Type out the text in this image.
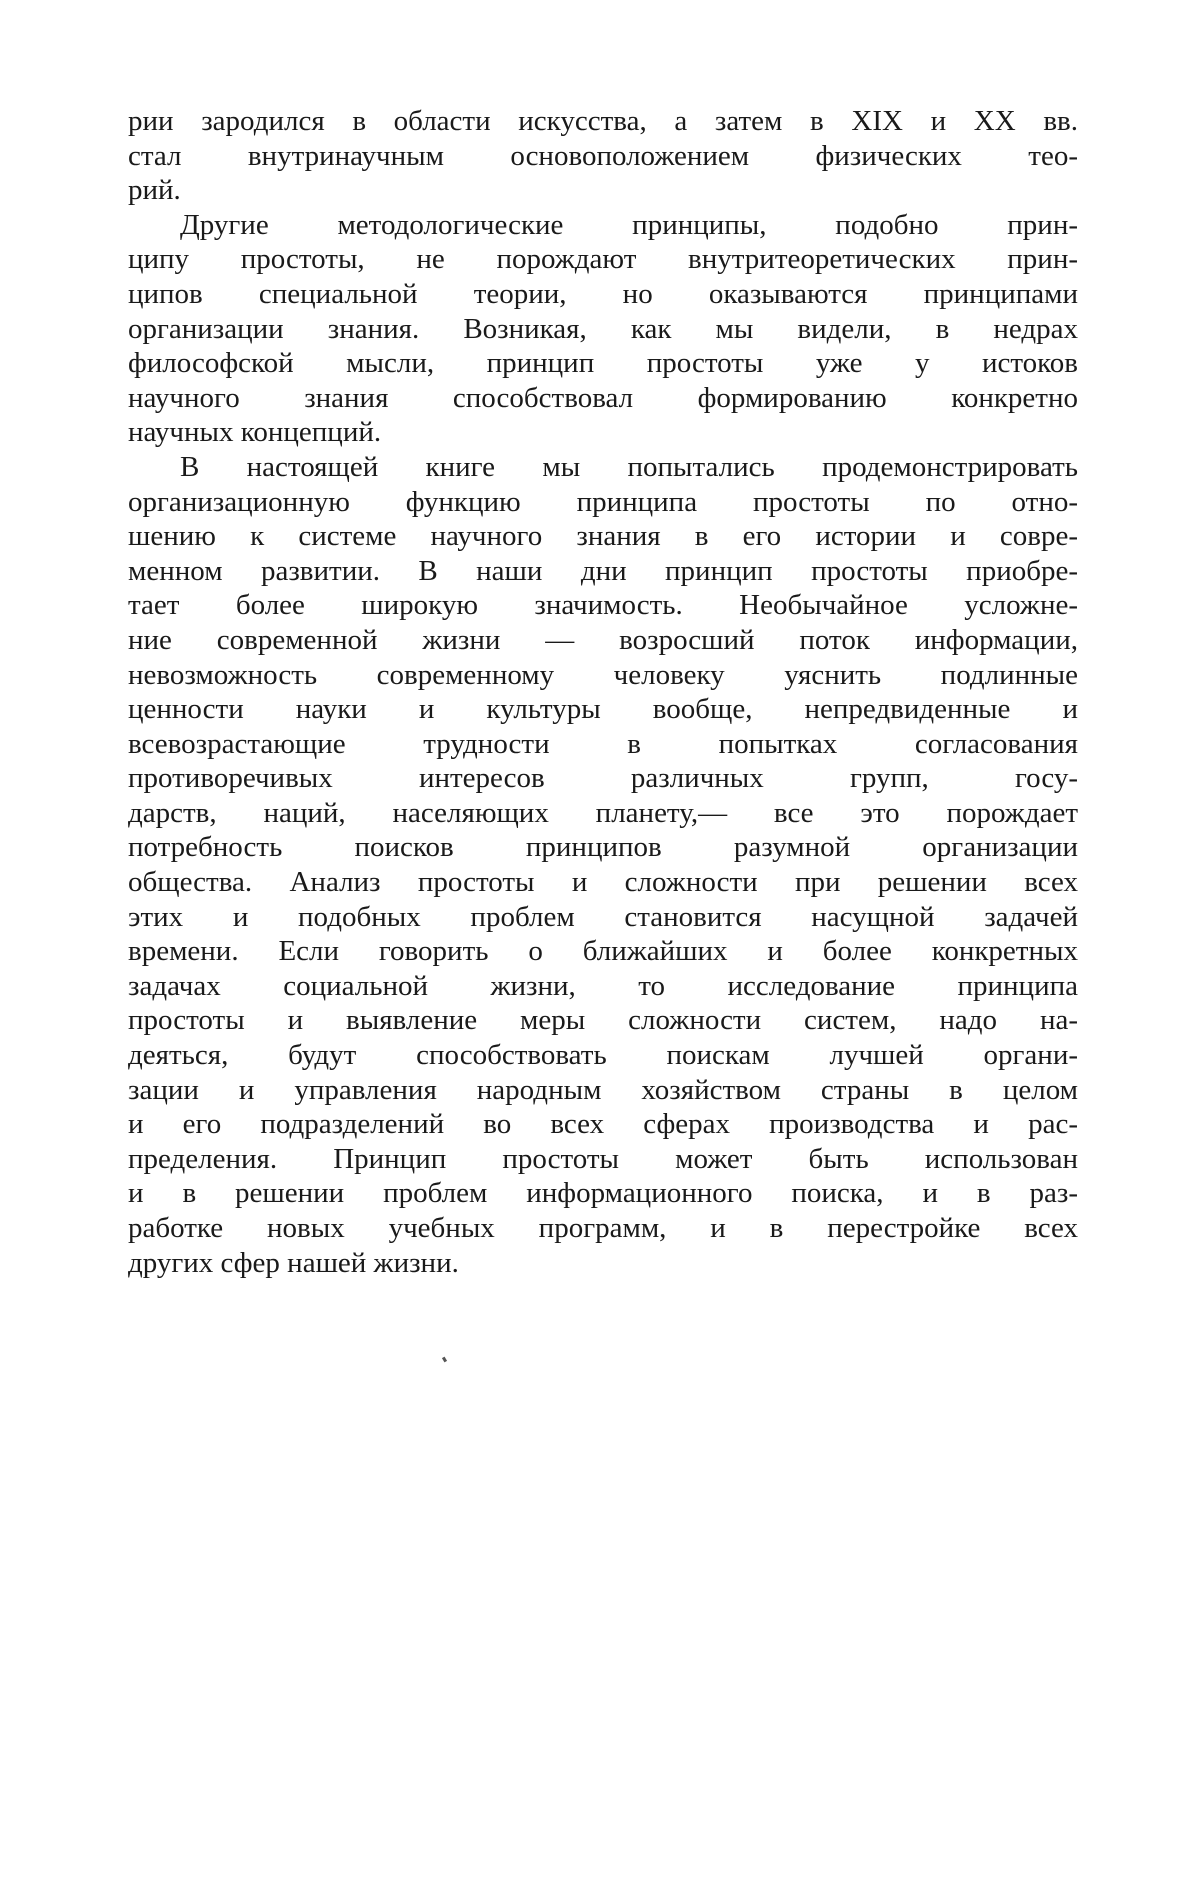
рии зародился в области искусства, а затем в XIX и XX вв.
стал внутринаучным основоположением физических тео-
рий.
Другие методологические принципы, подобно прин-
ципу простоты, не порождают внутритеоретических прин-
ципов специальной теории, но оказываются принципами
организации знания. Возникая, как мы видели, в недрах
философской мысли, принцип простоты уже у истоков
научного знания способствовал формированию конкретно
научных концепций.
В настоящей книге мы попытались продемонстрировать
организационную функцию принципа простоты по отно-
шению к системе научного знания в его истории и совре-
менном развитии. В наши дни принцип простоты приобре-
тает более широкую значимость. Необычайное усложне-
ние современной жизни — возросший поток информации,
невозможность современному человеку уяснить подлинные
ценности науки и культуры вообще, непредвиденные и
всевозрастающие трудности в попытках согласования
противоречивых интересов различных групп, госу-
дарств, наций, населяющих планету,— все это порождает
потребность поисков принципов разумной организации
общества. Анализ простоты и сложности при решении всех
этих и подобных проблем становится насущной задачей
времени. Если говорить о ближайших и более конкретных
задачах социальной жизни, то исследование принципа
простоты и выявление меры сложности систем, надо на-
деяться, будут способствовать поискам лучшей органи-
зации и управления народным хозяйством страны в целом
и его подразделений во всех сферах производства и рас-
пределения. Принцип простоты может быть использован
и в решении проблем информационного поиска, и в раз-
работке новых учебных программ, и в перестройке всех
других сфер нашей жизни.
